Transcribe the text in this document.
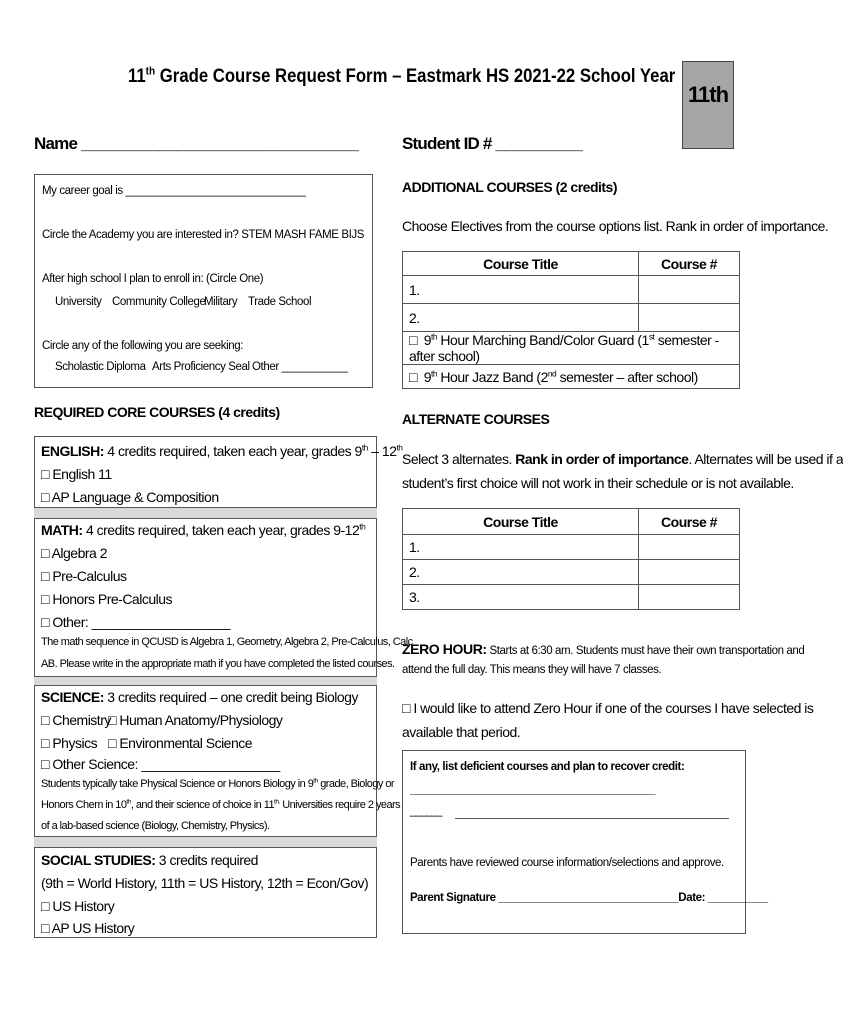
11th Grade Course Request Form – Eastmark HS 2021-22 School Year
11th
Name ________________________________	Student ID # __________
My career goal is ______________________________
Circle the Academy you are interested in? STEM MASH FAME BIJS
After high school I plan to enroll in: (Circle One)
University Community College
Military Trade School
Circle any of the following you are seeking:
Scholastic Diploma Arts Proficiency Seal Other ___________
REQUIRED CORE COURSES (4 credits)
ENGLISH: 4 credits required, taken each year, grades 9th – 12th
□ English 11
□ AP Language & Composition
MATH: 4 credits required, taken each year, grades 9-12th
□ Algebra 2
□ Pre-Calculus
□ Honors Pre-Calculus
□ Other: ___________________
The math sequence in QCUSD is Algebra 1, Geometry, Algebra 2, Pre-Calculus, Calc
AB. Please write in the appropriate math if you have completed the listed courses.
SCIENCE: 3 credits required – one credit being Biology
□ Chemistry
□ Human Anatomy/Physiology
□ Physics □ Environmental Science
□ Other Science: ___________________
Students typically take Physical Science or Honors Biology in 9th grade, Biology or
Honors Chem in 10th, and their science of choice in $11^{th.}$ Universities require 2 years
of a lab-based science (Biology, Chemistry, Physics).
SOCIAL STUDIES: 3 credits required
(9th = World History, 11th = US History, 12th = Econ/Gov)
□ US History
□ AP US History
ADDITIONAL COURSES (2 credits)
Choose Electives from the course options list. Rank in order of importance.
Course Title	Course #
1.	
2.	
□  9th Hour Marching Band/Color Guard (1st semester - after school)	
□  9th Hour Jazz Band (2nd semester – after school)	
ALTERNATE COURSES
Select 3 alternates. Rank in order of importance. Alternates will be used if a
student’s first choice will not work in their schedule or is not available.
Course Title	Course #
1.	
2.	
3.	
ZERO HOUR: Starts at 6:30 am. Students must have their own transportation and
attend the full day. This means they will have 7 classes.
□ I would like to attend Zero Hour if one of the courses I have selected is
available that period.
If any, list deficient courses and plan to recover credit:
_______________________________________________
______
Parents have reviewed course information/selections and approve.
Parent Signature ______________________________Date: __________
